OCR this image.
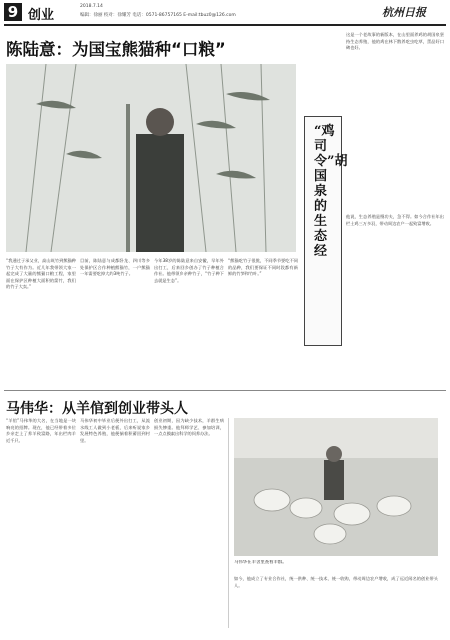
9 创业
2018.7.14
编辑：徐丽 校对：徐耀芳 电话：0571-86757165 E-mail:tbuz0@126.com	杭州日报
陈陆意：为国宝熊猫种“口粮”

“我通过子承父业，高山筑竹到熊猫种竹子大有作为。近几年我带领大家一起完成了大量的熊猫口粮工程，家里面在保护区种植大面积的箭竹，我们的竹子大卖。”

目前，陈陆意与成都卧龙、四川等多处保护区合作种植熊猫竹，一户熊猫一年需要吃掉大约3吨竹子。

今年38岁的陈陆意来自安徽，早年外出打工，后来回乡创办了竹子种植合作社。他带领乡亲种竹子，“竹子种下去就是生态”。

“熊猫吃竹子很挑，不同季节要吃不同的品种，我们要保证不同时段都有新鲜的竹笋和竹叶。”

这是一个老故事的新版本，在山里面养鸡的胡国泉坚持生态养殖，他的鸡在林下散养吃虫吃草，蛋品好口碑也好。

“鸡司令”胡国泉的生态经

他说，生态养殖是慢功夫，急不得。如今合作社年出栏土鸡三万多羽，带动周边农户一起致富增收。

马伟华：从羊倌到创业带头人

“羊倌”马伟华的大名，在当地是一块响亮的招牌。现在，他已经带着多位乡亲走上了养羊致富路，年出栏肉羊近千只。

马伟华初中毕业后便外出打工，从流水线工人做到小老板，后来听说家乡发展特色养殖，他便揣着积蓄回到村里。

创业初期，因为缺少技术，羊群生病损失惨重。他拜师学艺、参加培训，一点点摸索出科学的饲养办法。

马伟华在羊舍里查看羊群。

如今，他成立了专业合作社，统一供种、统一技术、统一收购，带动周边农户增收，成了远近闻名的创业带头人。
